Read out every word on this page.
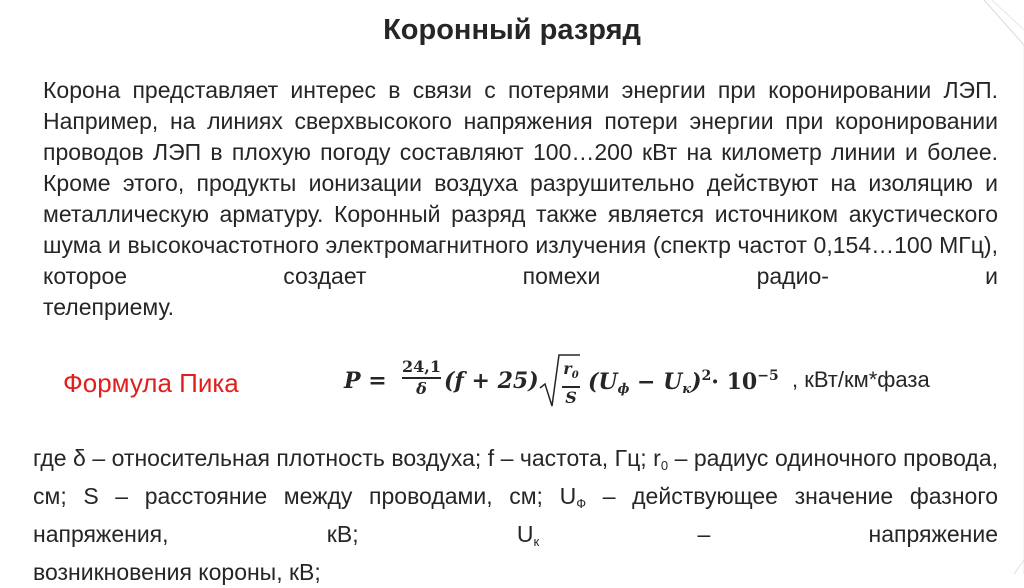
Коронный разряд

Корона представляет интерес в связи с потерями энергии при коронировании ЛЭП. Например, на линиях сверхвысокого напряжения потери энергии при коронировании проводов ЛЭП в плохую погоду составляют 100…200 кВт на километр линии и более. Кроме этого, продукты ионизации воздуха разрушительно действуют на изоляцию и металлическую арматуру. Коронный разряд также является источником акустического шума и высокочастотного электромагнитного излучения (спектр частот 0,154…100 МГц), которое создает помехи радио- и
телеприему.

Формула Пика	P =
24,1
δ (f + 25) $r_0$
S
$(U_ф - U_к)^2\cdot 10^{-5}$ , кВт/км*фаза

где δ – относительная плотность воздуха; f – частота, Гц; $r_0$ – радиус одиночного провода, см; S – расстояние между проводами, см; $U_Ф$ – действующее значение фазного напряжения, кВ; $U_к$ – напряжение
возникновения короны, кВ;
